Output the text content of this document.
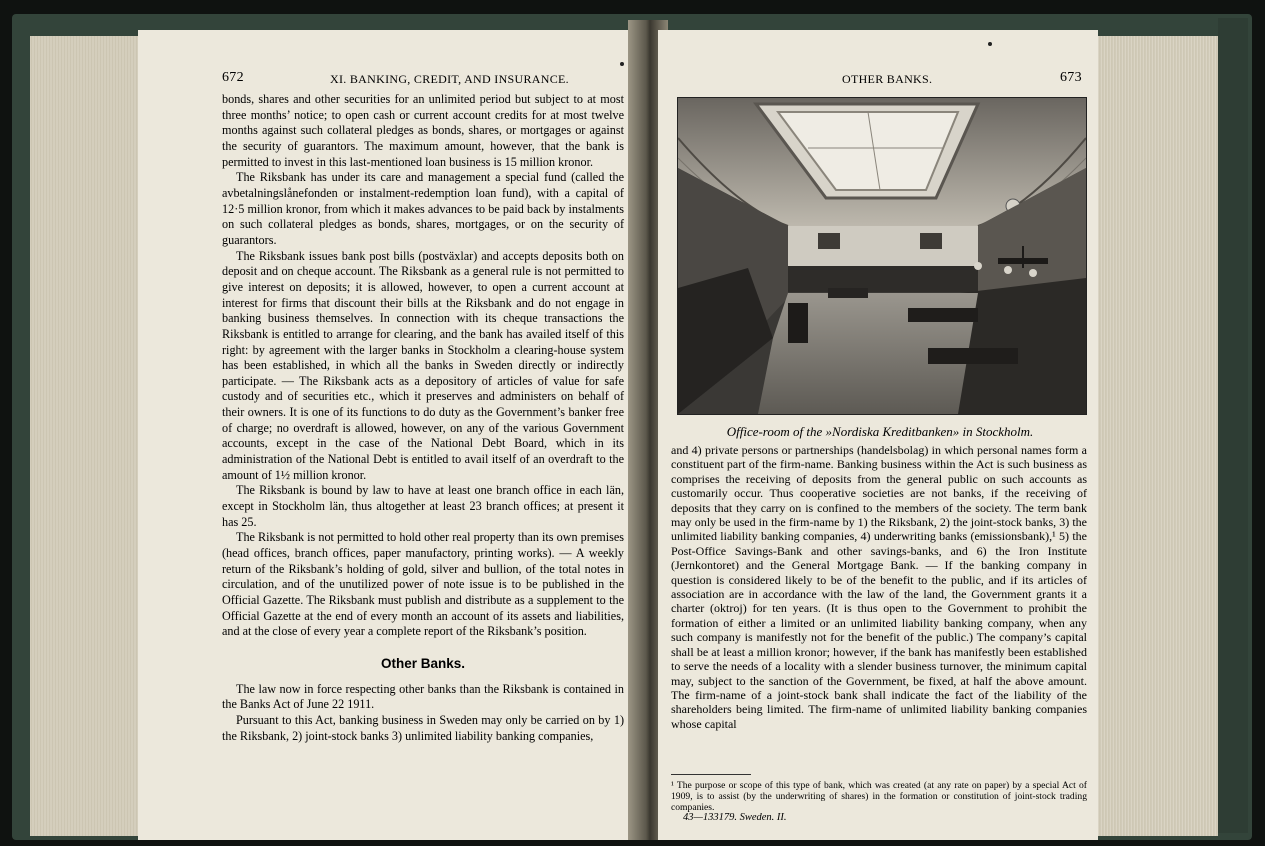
672	XI. BANKING, CREDIT, AND INSURANCE.

bonds, shares and other securities for an unlimited period but subject to at most three months’ notice; to open cash or current account credits for at most twelve months against such collateral pledges as bonds, shares, or mortgages or against the security of guarantors. The maximum amount, however, that the bank is permitted to invest in this last-mentioned loan business is 15 million kronor.

The Riksbank has under its care and management a special fund (called the avbetalningslånefonden or instalment-redemption loan fund), with a capital of 12·5 million kronor, from which it makes advances to be paid back by instalments on such collateral pledges as bonds, shares, mortgages, or on the security of guarantors.

The Riksbank issues bank post bills (postväxlar) and accepts deposits both on deposit and on cheque account. The Riksbank as a general rule is not permitted to give interest on deposits; it is allowed, however, to open a current account at interest for firms that discount their bills at the Riksbank and do not engage in banking business themselves. In connection with its cheque transactions the Riksbank is entitled to arrange for clearing, and the bank has availed itself of this right: by agreement with the larger banks in Stockholm a clearing-house system has been established, in which all the banks in Sweden directly or indirectly participate. — The Riksbank acts as a depository of articles of value for safe custody and of securities etc., which it preserves and administers on behalf of their owners. It is one of its functions to do duty as the Government’s banker free of charge; no overdraft is allowed, however, on any of the various Government accounts, except in the case of the National Debt Board, which in its administration of the National Debt is entitled to avail itself of an overdraft to the amount of 1½ million kronor.

The Riksbank is bound by law to have at least one branch office in each län, except in Stockholm län, thus altogether at least 23 branch offices; at present it has 25.

The Riksbank is not permitted to hold other real property than its own premises (head offices, branch offices, paper manufactory, printing works). — A weekly return of the Riksbank’s holding of gold, silver and bullion, of the total notes in circulation, and of the unutilized power of note issue is to be published in the Official Gazette. The Riksbank must publish and distribute as a supplement to the Official Gazette at the end of every month an account of its assets and liabilities, and at the close of every year a complete report of the Riksbank’s position.

Other Banks.

The law now in force respecting other banks than the Riksbank is contained in the Banks Act of June 22 1911.

Pursuant to this Act, banking business in Sweden may only be carried on by 1) the Riksbank, 2) joint-stock banks 3) unlimited liability banking companies,

OTHER BANKS.	673
Office-room of the »Nordiska Kreditbanken» in Stockholm.

and 4) private persons or partnerships (handelsbolag) in which personal names form a constituent part of the firm-name. Banking business within the Act is such business as comprises the receiving of deposits from the general public on such accounts as customarily occur. Thus cooperative societies are not banks, if the receiving of deposits that they carry on is confined to the members of the society. The term bank may only be used in the firm-name by 1) the Riksbank, 2) the joint-stock banks, 3) the unlimited liability banking companies, 4) underwriting banks (emissionsbank),¹ 5) the Post-Office Savings-Bank and other savings-banks, and 6) the Iron Institute (Jernkontoret) and the General Mortgage Bank. — If the banking company in question is considered likely to be of the benefit to the public, and if its articles of association are in accordance with the law of the land, the Government grants it a charter (oktroj) for ten years. (It is thus open to the Government to prohibit the formation of either a limited or an unlimited liability banking company, when any such company is manifestly not for the benefit of the public.) The company’s capital shall be at least a million kronor; however, if the bank has manifestly been established to serve the needs of a locality with a slender business turnover, the minimum capital may, subject to the sanction of the Government, be fixed, at half the above amount. The firm-name of a joint-stock bank shall indicate the fact of the liability of the shareholders being limited. The firm-name of unlimited liability banking companies whose capital

¹ The purpose or scope of this type of bank, which was created (at any rate on paper) by a special Act of 1909, is to assist (by the underwriting of shares) in the formation or constitution of joint-stock trading companies.
43—133179. Sweden. II.
